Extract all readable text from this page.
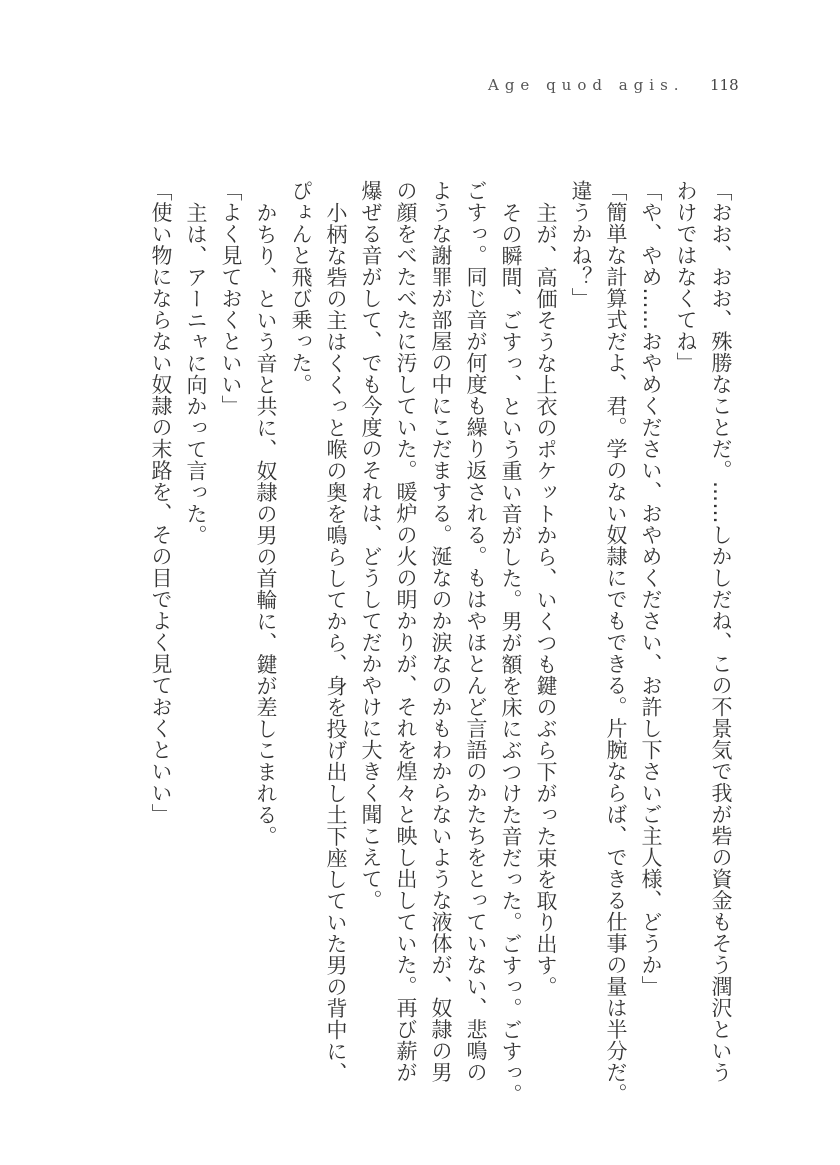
Age quod agis. 118
「おお、おお、殊勝なことだ。……しかしだね、この不景気で我が砦の資金もそう潤沢という
わけではなくてね」
「や、やめ……おやめください、おやめください、お許し下さいご主人様、どうか」
「簡単な計算式だよ、君。学のない奴隷にでもできる。片腕ならば、できる仕事の量は半分だ。
違うかね？」
主が、高価そうな上衣のポケットから、いくつも鍵のぶら下がった束を取り出す。
その瞬間、ごすっ、という重い音がした。男が額を床にぶつけた音だった。ごすっ。ごすっ。
ごすっ。同じ音が何度も繰り返される。もはやほとんど言語のかたちをとっていない、悲鳴の
ような謝罪が部屋の中にこだまする。涎なのか涙なのかもわからないような液体が、奴隷の男
の顔をべたべたに汚していた。暖炉の火の明かりが、それを煌々と映し出していた。再び薪が
爆ぜる音がして、でも今度のそれは、どうしてだかやけに大きく聞こえて。
小柄な砦の主はくくっと喉の奥を鳴らしてから、身を投げ出し土下座していた男の背中に、
ぴょんと飛び乗った。
かちり、という音と共に、奴隷の男の首輪に、鍵が差しこまれる。
「よく見ておくといい」
主は、アーニャに向かって言った。
「使い物にならない奴隷の末路を、その目でよく見ておくといい」
